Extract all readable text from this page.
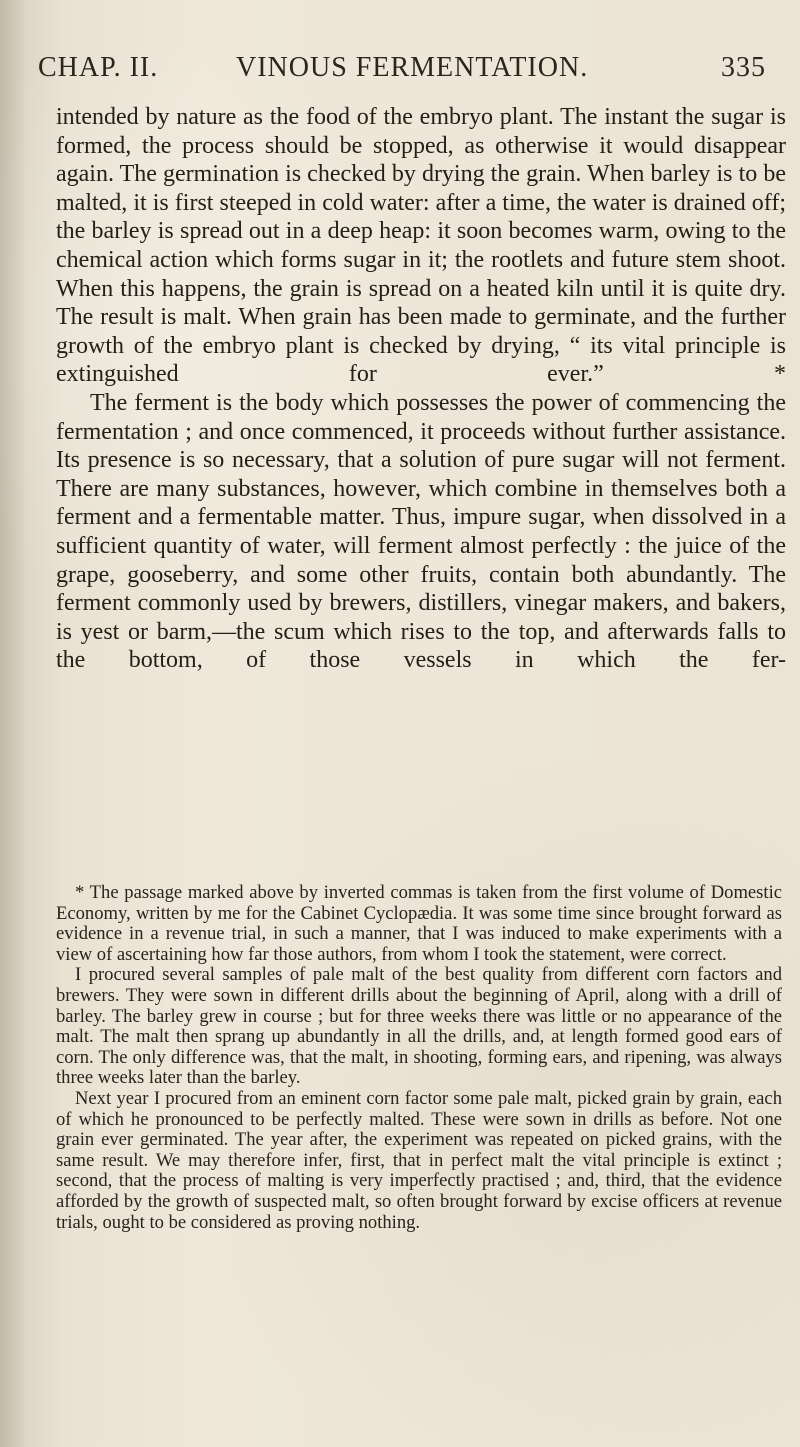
CHAP. II.	VINOUS FERMENTATION.	335

intended by nature as the food of the embryo plant. The instant the sugar is formed, the process should be stopped, as otherwise it would disappear again. The germination is checked by drying the grain. When barley is to be malted, it is first steeped in cold water: after a time, the water is drained off; the barley is spread out in a deep heap: it soon becomes warm, owing to the chemical action which forms sugar in it; the rootlets and future stem shoot. When this happens, the grain is spread on a heated kiln until it is quite dry. The result is malt. When grain has been made to germinate, and the further growth of the embryo plant is checked by drying, “ its vital principle is extinguished for ever.” *

The ferment is the body which possesses the power of commencing the fermentation ; and once commenced, it proceeds without further assistance. Its presence is so necessary, that a solution of pure sugar will not ferment. There are many substances, however, which combine in themselves both a ferment and a fermentable matter. Thus, impure sugar, when dissolved in a sufficient quantity of water, will ferment almost perfectly : the juice of the grape, gooseberry, and some other fruits, contain both abundantly. The ferment commonly used by brewers, distillers, vinegar makers, and bakers, is yest or barm,—the scum which rises to the top, and afterwards falls to the bottom, of those vessels in which the fer-

* The passage marked above by inverted commas is taken from the first volume of Domestic Economy, written by me for the Cabinet Cyclopædia. It was some time since brought forward as evidence in a revenue trial, in such a manner, that I was induced to make experiments with a view of ascertaining how far those authors, from whom I took the statement, were correct.

I procured several samples of pale malt of the best quality from different corn factors and brewers. They were sown in different drills about the beginning of April, along with a drill of barley. The barley grew in course ; but for three weeks there was little or no appearance of the malt. The malt then sprang up abundantly in all the drills, and, at length formed good ears of corn. The only difference was, that the malt, in shooting, forming ears, and ripening, was always three weeks later than the barley.

Next year I procured from an eminent corn factor some pale malt, picked grain by grain, each of which he pronounced to be perfectly malted. These were sown in drills as before. Not one grain ever germinated. The year after, the experiment was repeated on picked grains, with the same result. We may therefore infer, first, that in perfect malt the vital principle is extinct ; second, that the process of malting is very imperfectly practised ; and, third, that the evidence afforded by the growth of suspected malt, so often brought forward by excise officers at revenue trials, ought to be considered as proving nothing.
